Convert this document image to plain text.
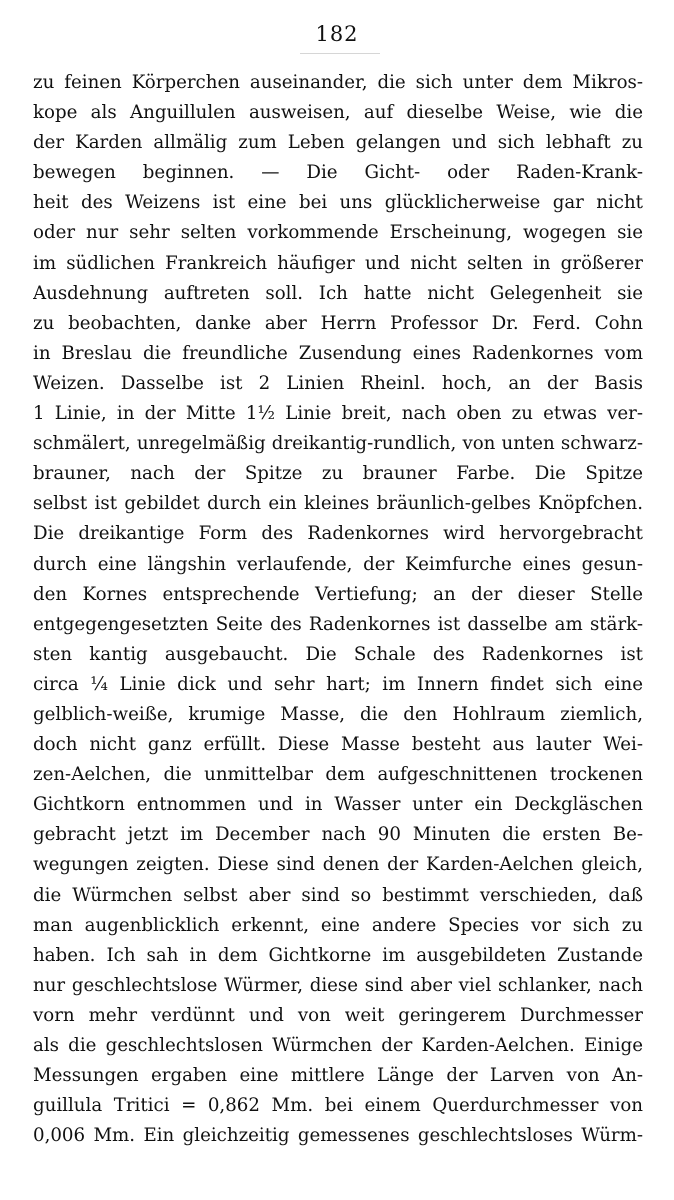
182
zu feinen Körperchen auseinander, die sich unter dem Mikros-
kope als Anguillulen ausweisen, auf dieselbe Weise, wie die
der Karden allmälig zum Leben gelangen und sich lebhaft zu
bewegen beginnen. — Die Gicht- oder Raden-Krank-
heit des Weizens ist eine bei uns glücklicherweise gar nicht
oder nur sehr selten vorkommende Erscheinung, wogegen sie
im südlichen Frankreich häufiger und nicht selten in größerer
Ausdehnung auftreten soll. Ich hatte nicht Gelegenheit sie
zu beobachten, danke aber Herrn Professor Dr. Ferd. Cohn
in Breslau die freundliche Zusendung eines Radenkornes vom
Weizen. Dasselbe ist 2 Linien Rheinl. hoch, an der Basis
1 Linie, in der Mitte 1½ Linie breit, nach oben zu etwas ver-
schmälert, unregelmäßig dreikantig-rundlich, von unten schwarz-
brauner, nach der Spitze zu brauner Farbe. Die Spitze
selbst ist gebildet durch ein kleines bräunlich-gelbes Knöpfchen.
Die dreikantige Form des Radenkornes wird hervorgebracht
durch eine längshin verlaufende, der Keimfurche eines gesun-
den Kornes entsprechende Vertiefung; an der dieser Stelle
entgegengesetzten Seite des Radenkornes ist dasselbe am stärk-
sten kantig ausgebaucht. Die Schale des Radenkornes ist
circa ¼ Linie dick und sehr hart; im Innern findet sich eine
gelblich-weiße, krumige Masse, die den Hohlraum ziemlich,
doch nicht ganz erfüllt. Diese Masse besteht aus lauter Wei-
zen-Aelchen, die unmittelbar dem aufgeschnittenen trockenen
Gichtkorn entnommen und in Wasser unter ein Deckgläschen
gebracht jetzt im December nach 90 Minuten die ersten Be-
wegungen zeigten. Diese sind denen der Karden-Aelchen gleich,
die Würmchen selbst aber sind so bestimmt verschieden, daß
man augenblicklich erkennt, eine andere Species vor sich zu
haben. Ich sah in dem Gichtkorne im ausgebildeten Zustande
nur geschlechtslose Würmer, diese sind aber viel schlanker, nach
vorn mehr verdünnt und von weit geringerem Durchmesser
als die geschlechtslosen Würmchen der Karden-Aelchen. Einige
Messungen ergaben eine mittlere Länge der Larven von An-
guillula Tritici = 0,862 Mm. bei einem Querdurchmesser von
0,006 Mm. Ein gleichzeitig gemessenes geschlechtsloses Würm-
